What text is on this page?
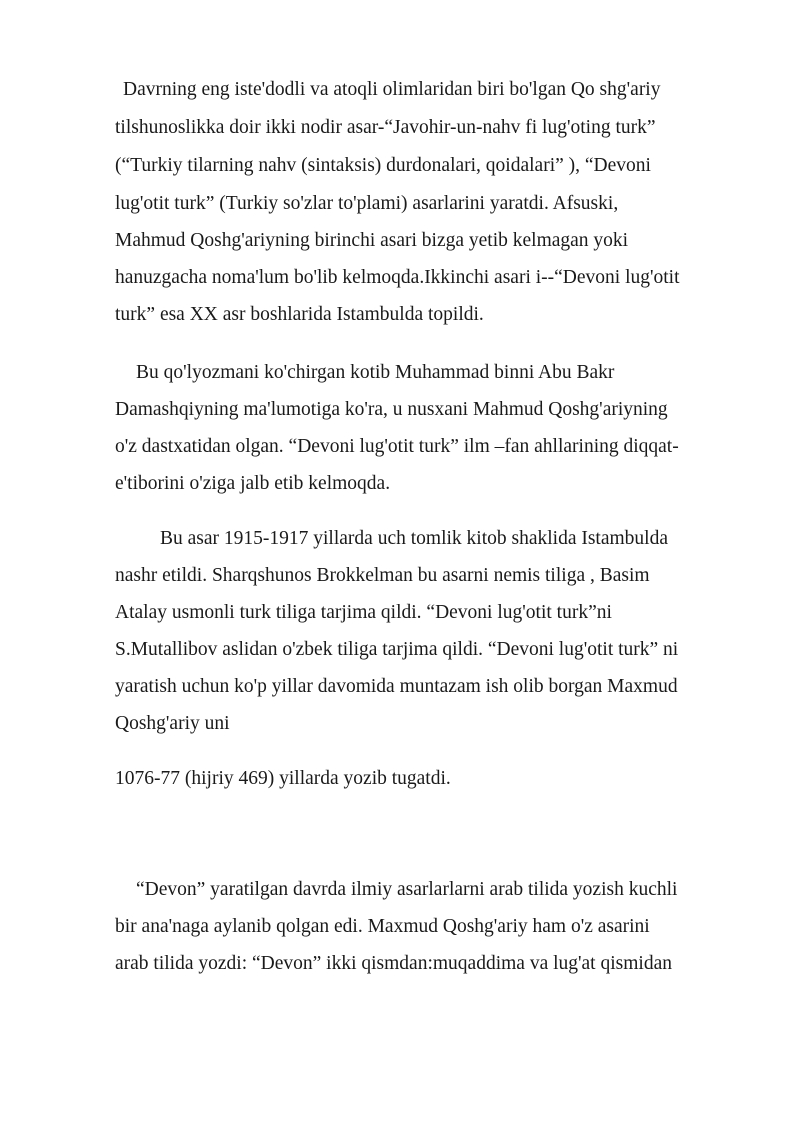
Davrning eng iste'dodli va atoqli olimlaridan biri bo'lgan Qo shg'ariy

tilshunoslikka doir ikki nodir asar-“Javohir-un-nahv fi lug'oting turk”

(“Turkiy tilarning nahv (sintaksis) durdonalari, qoidalari” ), “Devoni

lug'otit turk” (Turkiy so'zlar to'plami) asarlarini yaratdi. Afsuski,

Mahmud Qoshg'ariyning birinchi asari bizga yetib kelmagan yoki

hanuzgacha noma'lum bo'lib kelmoqda.Ikkinchi asari i--“Devoni lug'otit

turk” esa XX asr boshlarida Istambulda topildi.

Bu qo'lyozmani ko'chirgan kotib Muhammad binni Abu Bakr

Damashqiyning ma'lumotiga ko'ra, u nusxani Mahmud Qoshg'ariyning

o'z dastxatidan olgan. “Devoni lug'otit turk” ilm –fan ahllarining diqqat-

e'tiborini o'ziga jalb etib kelmoqda.

Bu asar 1915-1917 yillarda uch tomlik kitob shaklida Istambulda

nashr etildi. Sharqshunos Brokkelman bu asarni nemis tiliga , Basim

Atalay usmonli turk tiliga tarjima qildi. “Devoni lug'otit turk”ni

S.Mutallibov aslidan o'zbek tiliga tarjima qildi. “Devoni lug'otit turk” ni

yaratish uchun ko'p yillar davomida muntazam ish olib borgan Maxmud

Qoshg'ariy uni

1076-77 (hijriy 469) yillarda yozib tugatdi.

“Devon” yaratilgan davrda ilmiy asarlarlarni arab tilida yozish kuchli

bir ana'naga aylanib qolgan edi. Maxmud Qoshg'ariy ham o'z asarini

arab tilida yozdi: “Devon” ikki qismdan:muqaddima va lug'at qismidan
